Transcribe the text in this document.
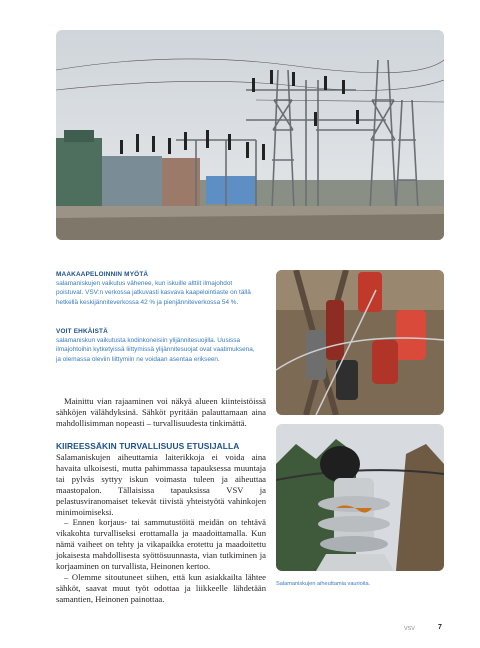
MAAKAAPELOINNIN MYÖTÄ

salamaniskujen vaikutus vähenee, kun iskuille alttiit ilmajohdot poistuvat. VSV:n verkossa jatkuvasti kasvava kaapelointiaste on tällä hetkellä keskijänniteverkossa 42 % ja pienjänniteverkossa 54 %.

VOIT EHKÄISTÄ

salamaniskun vaikutusta kodinkoneisiin ylijännitesuojilla. Uusissa ilmajohtoihin kytketyissä liittymissä ylijännitesuojat ovat vaatimuksena, ja olemassa oleviin liittymiin ne voidaan asentaa erikseen.

Mainittu vian rajaaminen voi näkyä alueen kiinteistöissä sähköjen välähdyksinä. Sähköt pyritään palauttamaan aina mahdollisimman nopeasti – turvallisuudesta tinkimättä.

KIIREESSÄKIN TURVALLISUUS ETUSIJALLA

Salamaniskujen aiheuttamia laiterikkoja ei voida aina havaita ulkoisesti, mutta pahimmassa tapauksessa muuntaja tai pylväs syttyy iskun voimasta tuleen ja aiheuttaa maastopalon. Tällaisissa tapauksissa VSV ja pelastusviranomaiset tekevät tiivistä yhteistyötä vahinkojen minimoimiseksi.

– Ennen korjaus- tai sammutustöitä meidän on tehtävä vikakohta turvalliseksi erottamalla ja maadoittamalla. Kun nämä vaiheet on tehty ja vikapaikka erotettu ja maadoitettu jokaisesta mahdollisesta syöttösuunnasta, vian tutkiminen ja korjaaminen on turvallista, Heinonen kertoo.

– Olemme sitoutuneet siihen, että kun asiakkailta lähtee sähköt, saavat muut työt odottaa ja liikkeelle lähdetään samantien, Heinonen painottaa.

Salamaniskujen aiheuttamia vaurioita.
VSV	7
